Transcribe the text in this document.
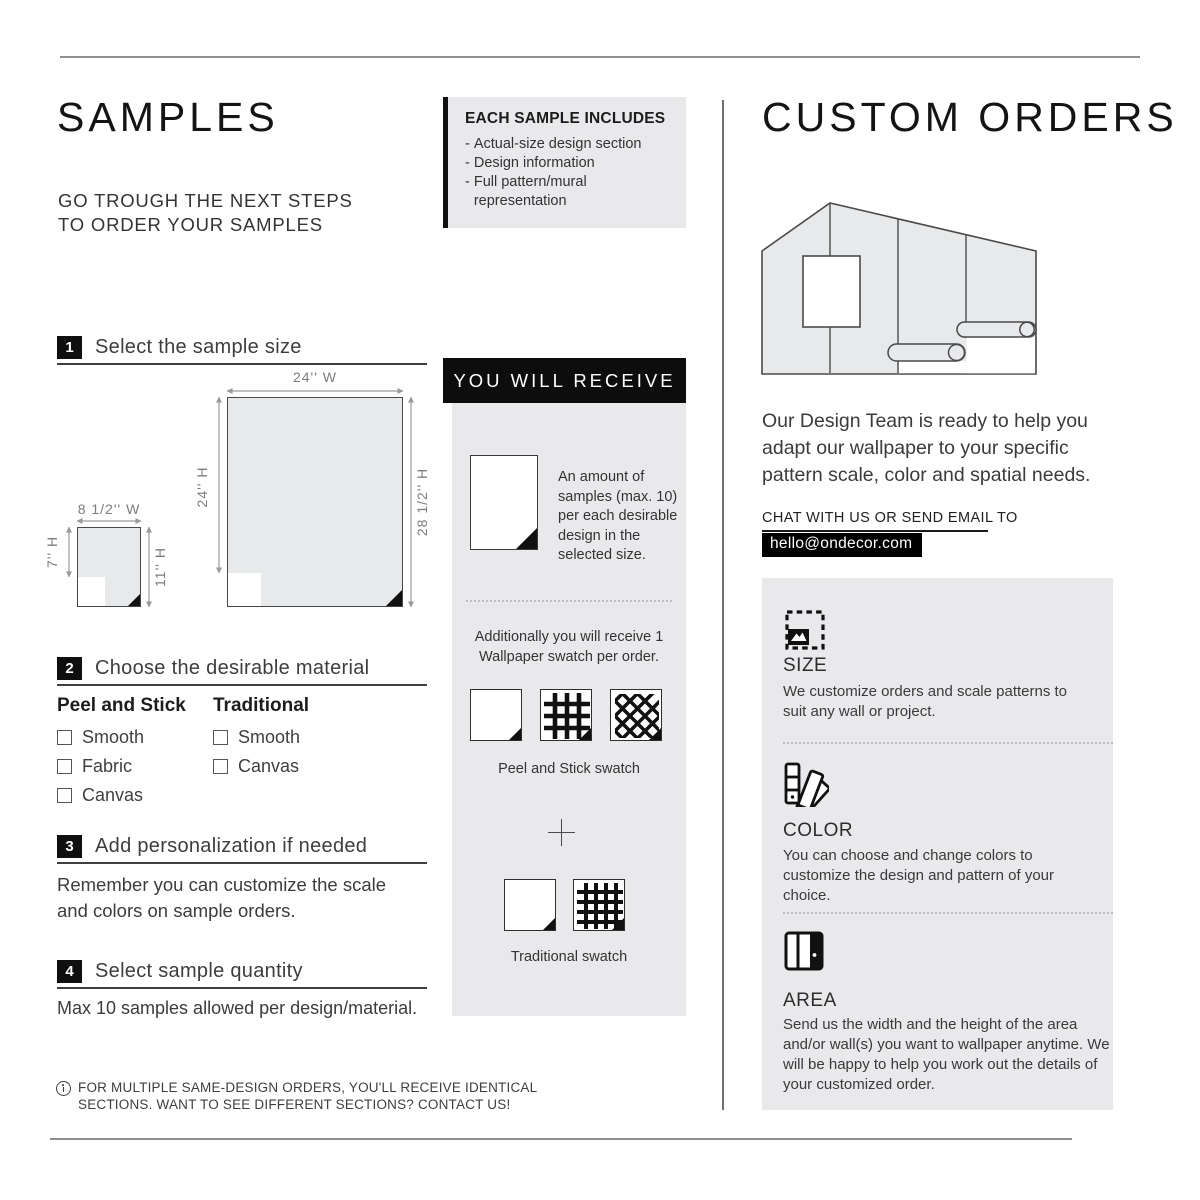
SAMPLES
GO TROUGH THE NEXT STEPS
TO ORDER YOUR SAMPLES
1	Select the sample size
24'' W
24'' H	28 1/2'' H
8 1/2'' W
7'' H	11'' H
2	Choose the desirable material
Peel and Stick
Smooth
Fabric
Canvas
Traditional
Smooth
Canvas
3	Add personalization if needed
Remember you can customize the scale and colors on sample orders.
4	Select sample quantity
Max 10 samples allowed per design/material.
FOR MULTIPLE SAME-DESIGN ORDERS, YOU'LL RECEIVE IDENTICAL
SECTIONS. WANT TO SEE DIFFERENT SECTIONS? CONTACT US!
EACH SAMPLE INCLUDES
- Actual-size design section
- Design information
- Full pattern/mural representation
YOU WILL RECEIVE
An amount of samples (max. 10) per each desirable design in the selected size.
Additionally you will receive 1 Wallpaper swatch per order.
Peel and Stick swatch
Traditional swatch
CUSTOM ORDERS
Our Design Team is ready to help you adapt our wallpaper to your specific pattern scale, color and spatial needs.
CHAT WITH US OR SEND EMAIL TO
hello@ondecor.com
SIZE
We customize orders and scale patterns to suit any wall or project.
COLOR
You can choose and change colors to customize the design and pattern of your choice.
AREA
Send us the width and the height of the area and/or wall(s) you want to wallpaper anytime. We will be happy to help you work out the details of your customized order.
